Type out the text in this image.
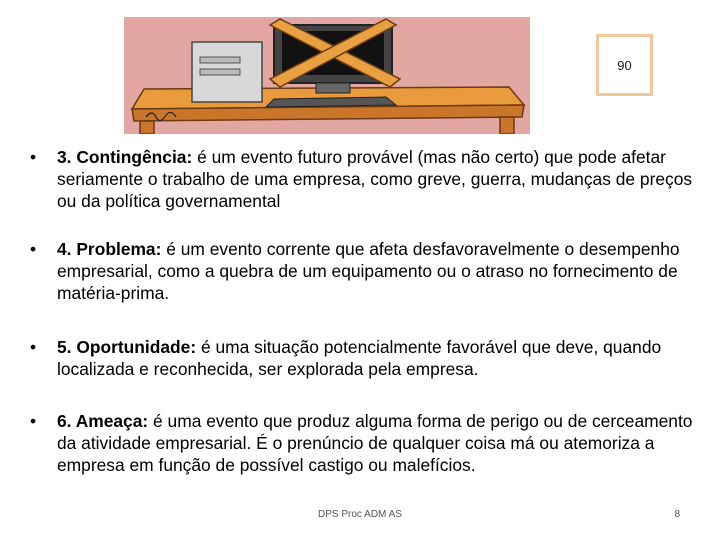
90
• 3. Contingência: é um evento futuro provável (mas não certo) que pode afetar seriamente o trabalho de uma empresa, como greve, guerra, mudanças de preços ou da política governamental
• 4. Problema: é um evento corrente que afeta desfavoravelmente o desempenho empresarial, como a quebra de um equipamento ou o atraso no fornecimento de matéria-prima.
• 5. Oportunidade: é uma situação potencialmente favorável que deve, quando localizada e reconhecida, ser explorada pela empresa.
• 6. Ameaça: é uma evento que produz alguma forma de perigo ou de cerceamento da atividade empresarial. É o prenúncio de qualquer coisa má ou atemoriza a empresa em função de possível castigo ou malefícios.
DPS Proc ADM AS	8
